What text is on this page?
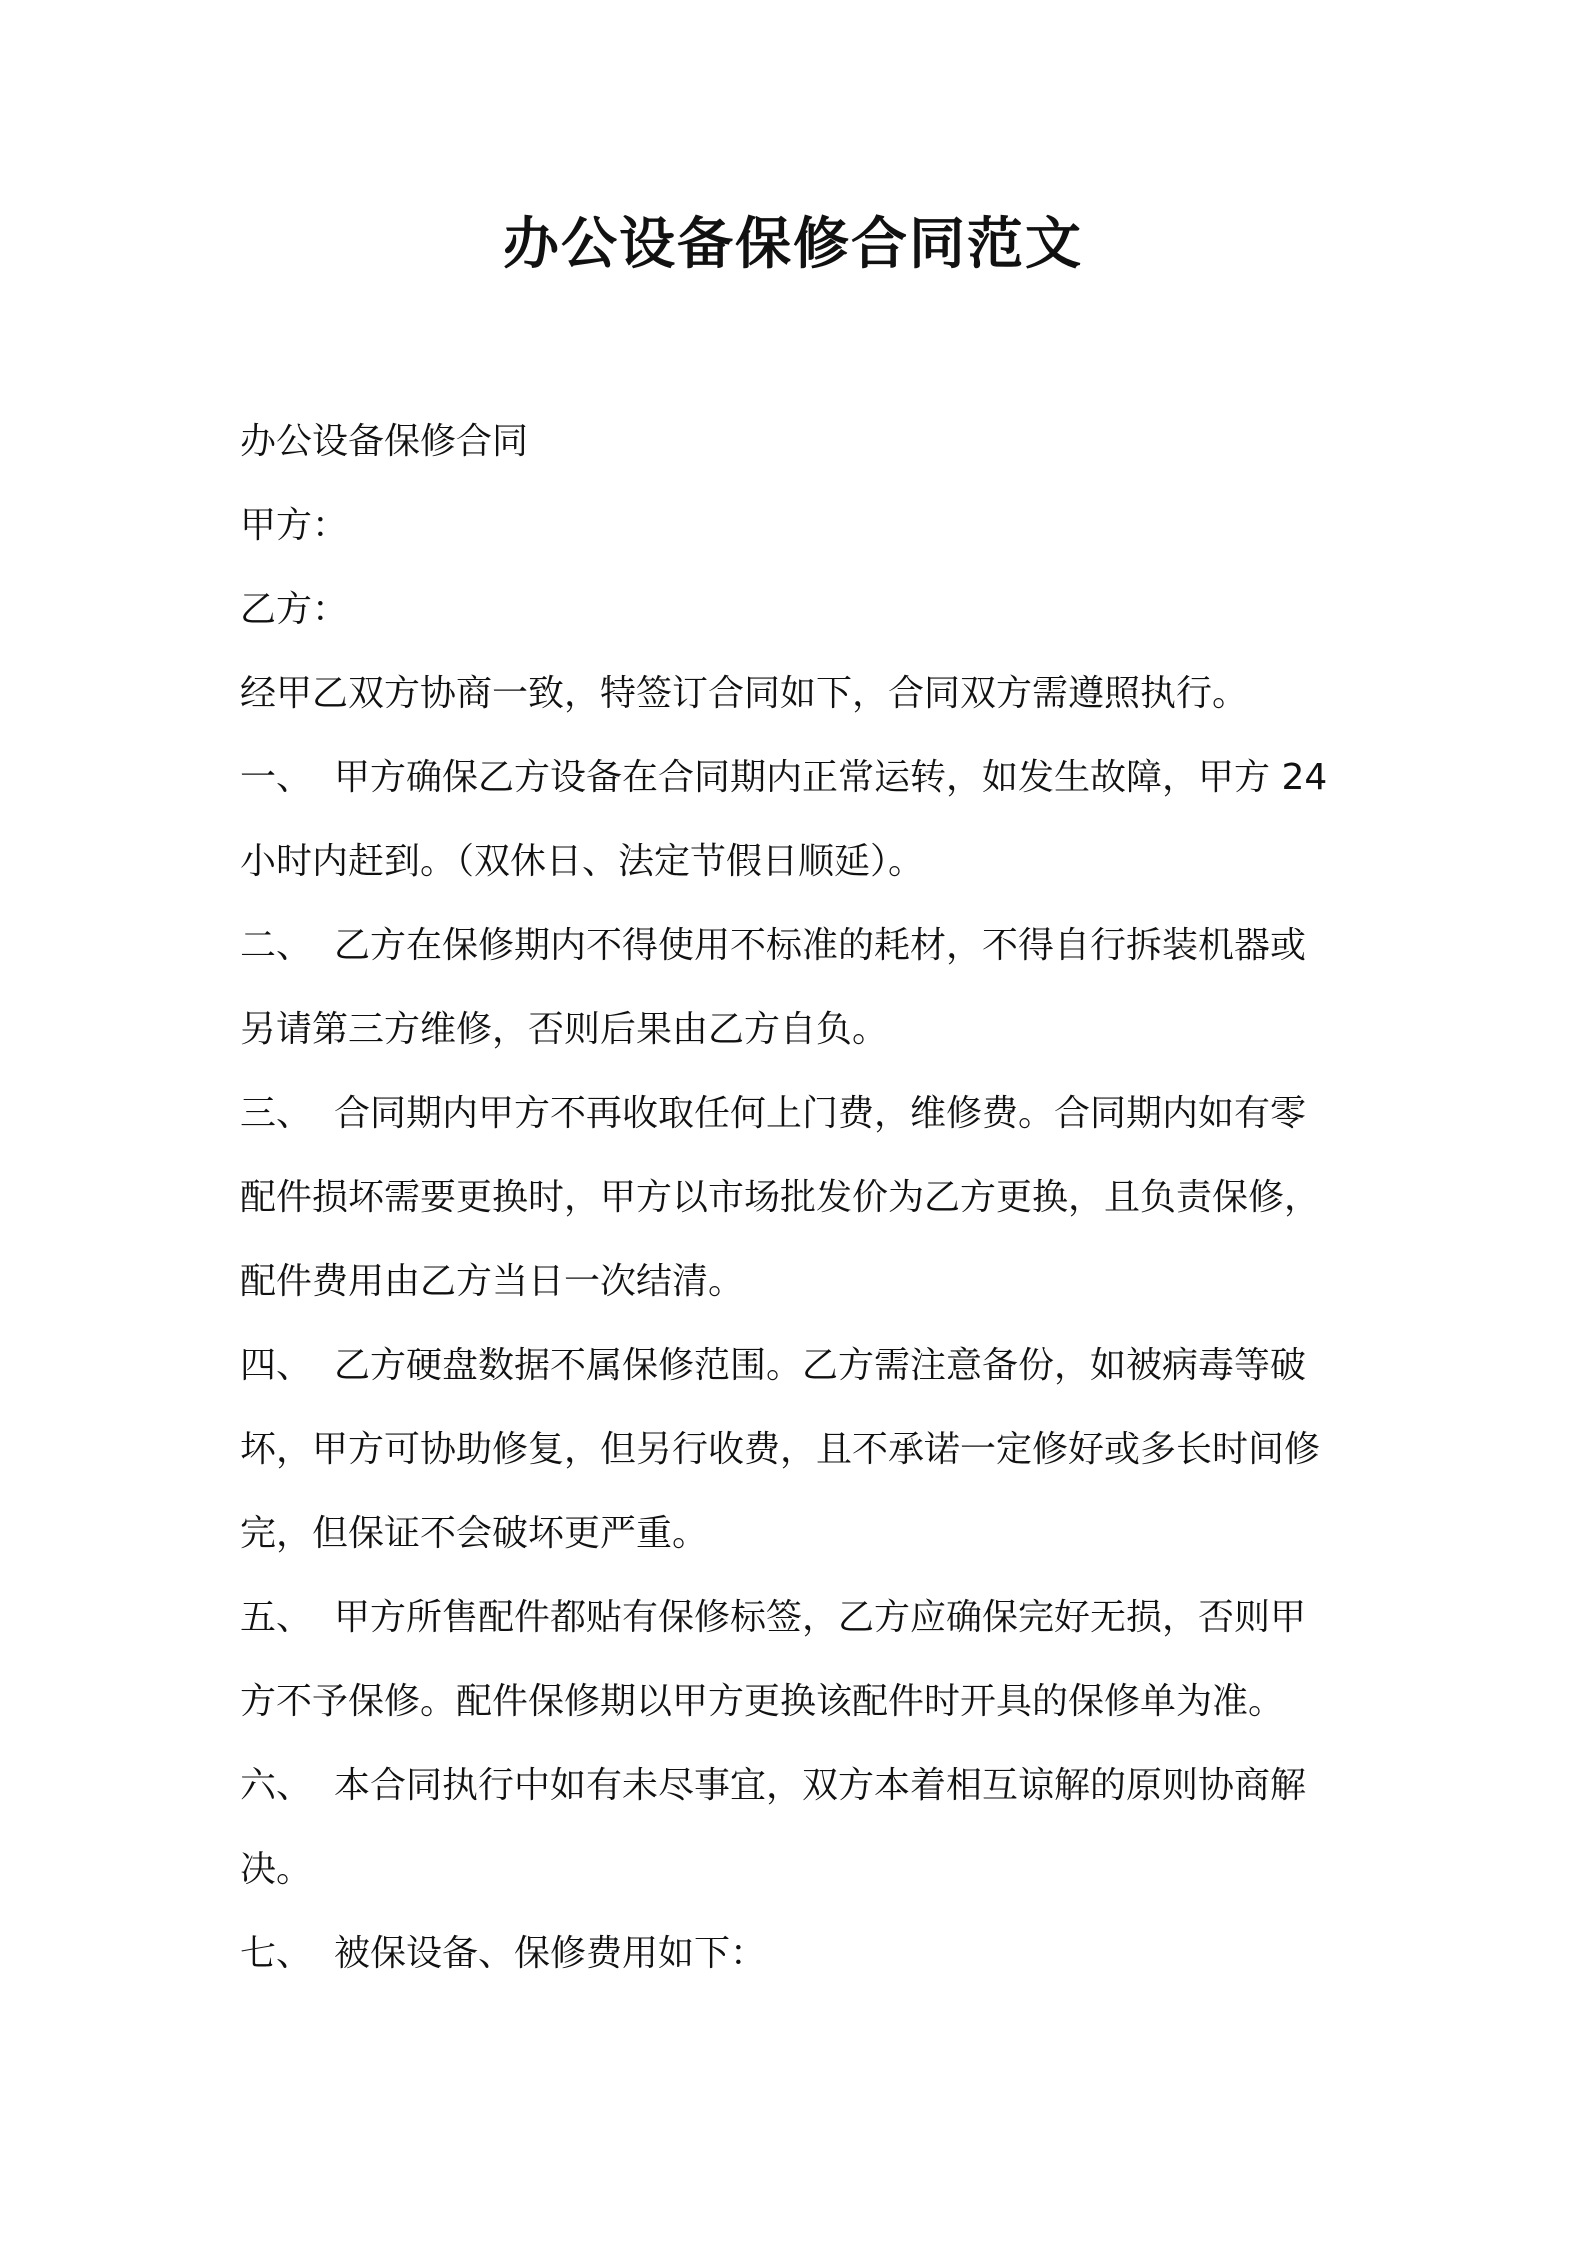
办公设备保修合同范文
办公设备保修合同
甲方：
乙方：
经甲乙双方协商一致，特签订合同如下，合同双方需遵照执行。
一、 甲方确保乙方设备在合同期内正常运转，如发生故障，甲方 24
小时内赶到。（双休日、法定节假日顺延）。
二、 乙方在保修期内不得使用不标准的耗材，不得自行拆装机器或
另请第三方维修，否则后果由乙方自负。
三、 合同期内甲方不再收取任何上门费，维修费。合同期内如有零
配件损坏需要更换时，甲方以市场批发价为乙方更换，且负责保修，
配件费用由乙方当日一次结清。
四、 乙方硬盘数据不属保修范围。乙方需注意备份，如被病毒等破
坏，甲方可协助修复，但另行收费，且不承诺一定修好或多长时间修
完，但保证不会破坏更严重。
五、 甲方所售配件都贴有保修标签，乙方应确保完好无损，否则甲
方不予保修。配件保修期以甲方更换该配件时开具的保修单为准。
六、 本合同执行中如有未尽事宜，双方本着相互谅解的原则协商解
决。
七、 被保设备、保修费用如下：
